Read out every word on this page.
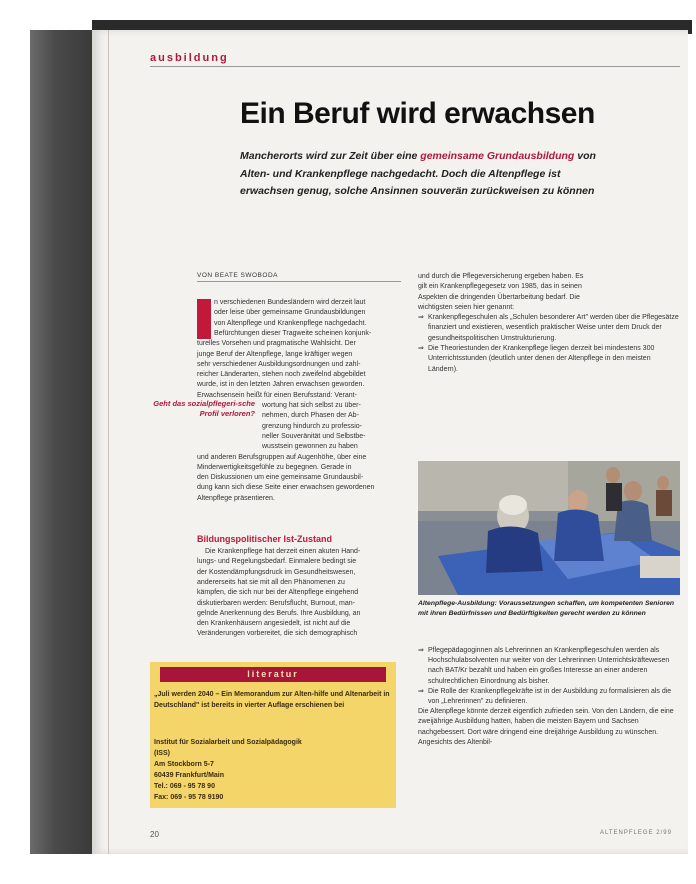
ausbildung
Ein Beruf wird erwachsen
Mancherorts wird zur Zeit über eine gemeinsame Grundausbildung von Alten- und Krankenpflege nachgedacht. Doch die Altenpflege ist erwachsen genug, solche Ansinnen souverän zurückweisen zu können
VON BEATE SWOBODA
n verschiedenen Bundesländern wird derzeit laut
oder leise über gemeinsame Grundausbildungen
von Altenpflege und Krankenpflege nachgedacht.
Befürchtungen dieser Tragweite scheinen konjunk-
turelles Vorsehen und pragmatische Wahlsicht. Der
junge Beruf der Altenpflege, lange kräftiger wegen
sehr verschiedener Ausbildungsordnungen und zahl-
reicher Länderarten, stehen noch zweifelnd abgebildet
wurde, ist in den letzten Jahren erwachsen geworden.
Erwachsensein heißt für einen Berufsstand: Verant-
wortung hat sich selbst zu über-
nehmen, durch Phasen der Ab-
grenzung hindurch zu professio-
neller Souveränität und Selbstbe-
wusstsein gewonnen zu haben
und anderen Berufsgruppen auf Augenhöhe, über eine
Minderwertigkeitsgefühle zu begegnen. Gerade in
den Diskussionen um eine gemeinsame Grundausbil-
dung kann sich diese Seite einer erwachsen gewordenen
Altenpflege präsentieren.
Geht das sozialpflegeri-sche Profil verloren?
Bildungspolitischer Ist-Zustand
Die Krankenpflege hat derzeit einen akuten Hand-
lungs- und Regelungsbedarf. Einmalere bedingt sie
der Kostendämpfungsdruck im Gesundheitswesen,
andererseits hat sie mit all den Phänomenen zu
kämpfen, die sich nur bei der Altenpflege eingehend
diskutierbaren werden: Berufsflucht, Burnout, man-
gelnde Anerkennung des Berufs. Ihre Ausbildung, an
den Krankenhäusern angesiedelt, ist nicht auf die
Veränderungen vorbereitet, die sich demographisch
literatur
„Juli werden 2040 – Ein Memorandum zur Alten-hilfe und Altenarbeit in Deutschland" ist bereits in vierter Auflage erschienen bei
Institut für Sozialarbeit und Sozialpädagogik
(ISS)
Am Stockborn 5-7
60439 Frankfurt/Main
Tel.: 069 - 95 78 90
Fax: 069 - 95 78 9190
und durch die Pflegeversicherung ergeben haben. Es
gilt ein Krankenpflegegesetz von 1985, das in seinen
Aspekten die dringenden Übertarbeitung bedarf. Die
wichtigsten seien hier genannt:
⇒ Krankenpflegeschulen als „Schulen besonderer Art" werden über die Pflegesätze finanziert und existieren, wesentlich praktischer Weise unter dem Druck der gesundheitspolitischen Umstrukturierung.
⇒ Die Theoriestunden der Krankenpflege liegen derzeit bei mindestens 300 Unterrichtsstunden (deutlich unter denen der Altenpflege in den meisten Ländern).
Altenpflege-Ausbildung: Voraussetzungen schaffen, um kompetenten Senioren mit ihren Bedürfnissen und Bedürftigkeiten gerecht werden zu können
⇒ Pflegepädagoginnen als Lehrerinnen an Krankenpflegeschulen werden als Hochschulabsolventen nur weiter von der Lehrerinnen Unterrichtskräftewesen nach BAT/Kr bezahlt und haben ein großes Interesse an einer anderen schulrechtlichen Einordnung als bisher.
⇒ Die Rolle der Krankenpflegekräfte ist in der Ausbildung zu formalisieren als die von „Lehrerinnen" zu definieren.
Die Altenpflege könnte derzeit eigentlich zufrieden sein. Von den Ländern, die eine zweijährige Ausbildung hatten, haben die meisten Bayern und Sachsen nachgebessert. Dort wäre dringend eine dreijährige Ausbildung zu wünschen. Angesichts des Altenbil-
20	ALTENPFLEGE 2/99
